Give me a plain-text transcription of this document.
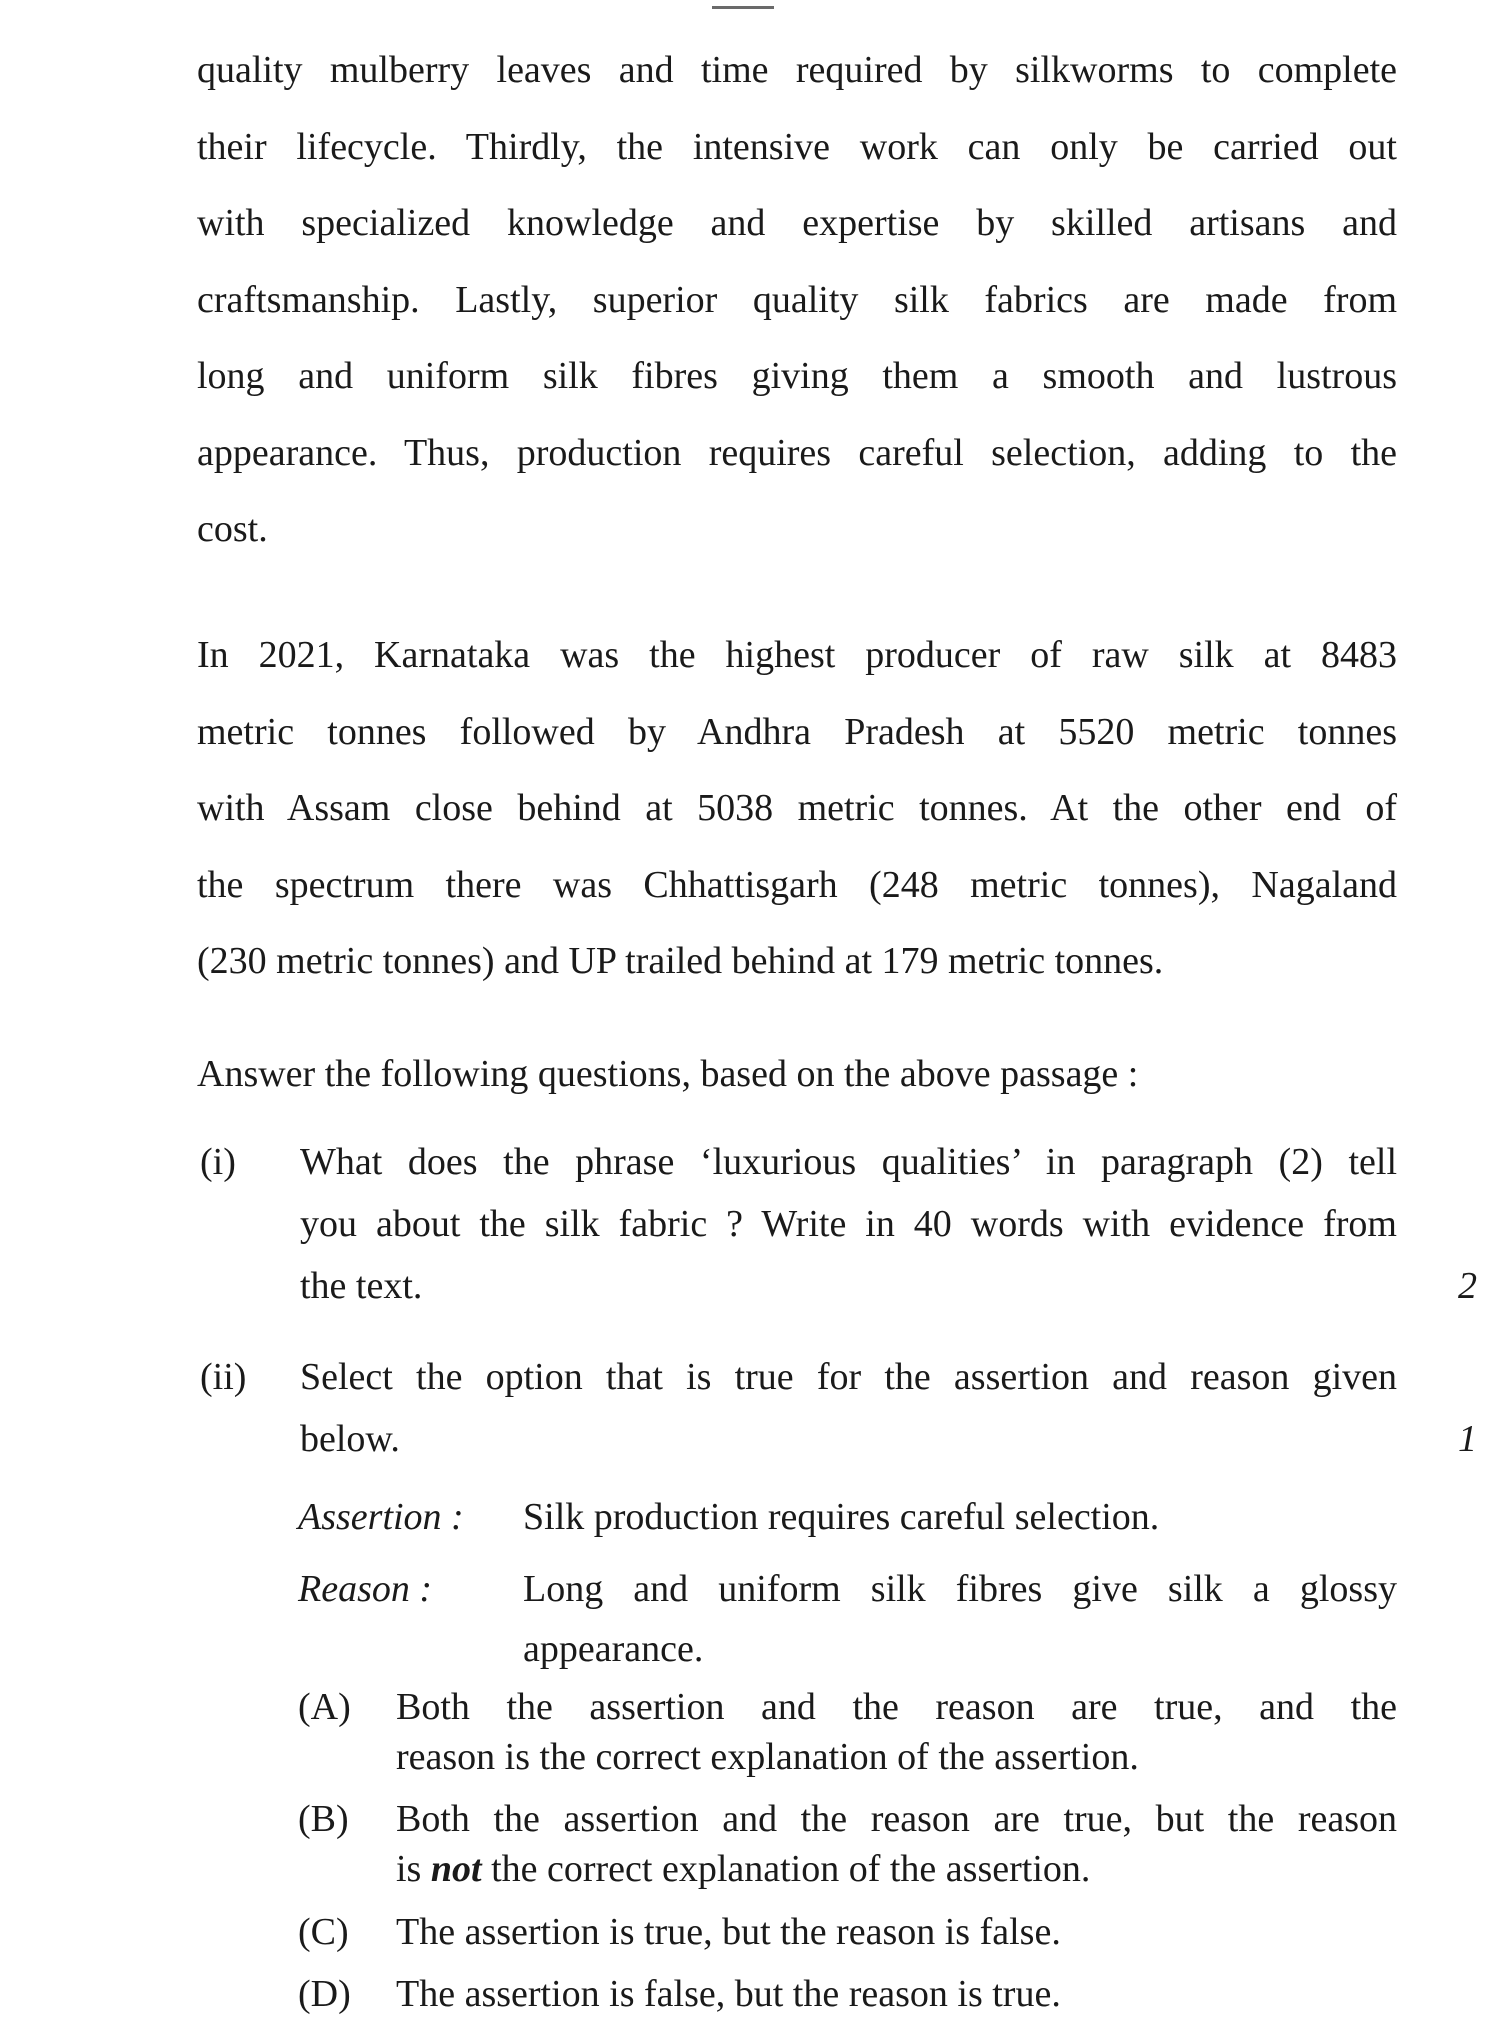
quality mulberry leaves and time required by silkworms to complete
their lifecycle. Thirdly, the intensive work can only be carried out
with specialized knowledge and expertise by skilled artisans and
craftsmanship. Lastly, superior quality silk fabrics are made from
long and uniform silk fibres giving them a smooth and lustrous
appearance. Thus, production requires careful selection, adding to the
cost.
In 2021, Karnataka was the highest producer of raw silk at 8483
metric tonnes followed by Andhra Pradesh at 5520 metric tonnes
with Assam close behind at 5038 metric tonnes. At the other end of
the spectrum there was Chhattisgarh (248 metric tonnes), Nagaland
(230 metric tonnes) and UP trailed behind at 179 metric tonnes.

Answer the following questions, based on the above passage :

(i) What does the phrase ‘luxurious qualities’ in paragraph (2) tell
you about the silk fabric ? Write in 40 words with evidence from
the text.	2
(ii) Select the option that is true for the assertion and reason given
below.	1
Assertion : Silk production requires careful selection.

Reason : Long and uniform silk fibres give silk a glossy
appearance.
(A) Both the assertion and the reason are true, and the
reason is the correct explanation of the assertion.
(B) Both the assertion and the reason are true, but the reason
is not the correct explanation of the assertion.
(C) The assertion is true, but the reason is false.
(D) The assertion is false, but the reason is true.
